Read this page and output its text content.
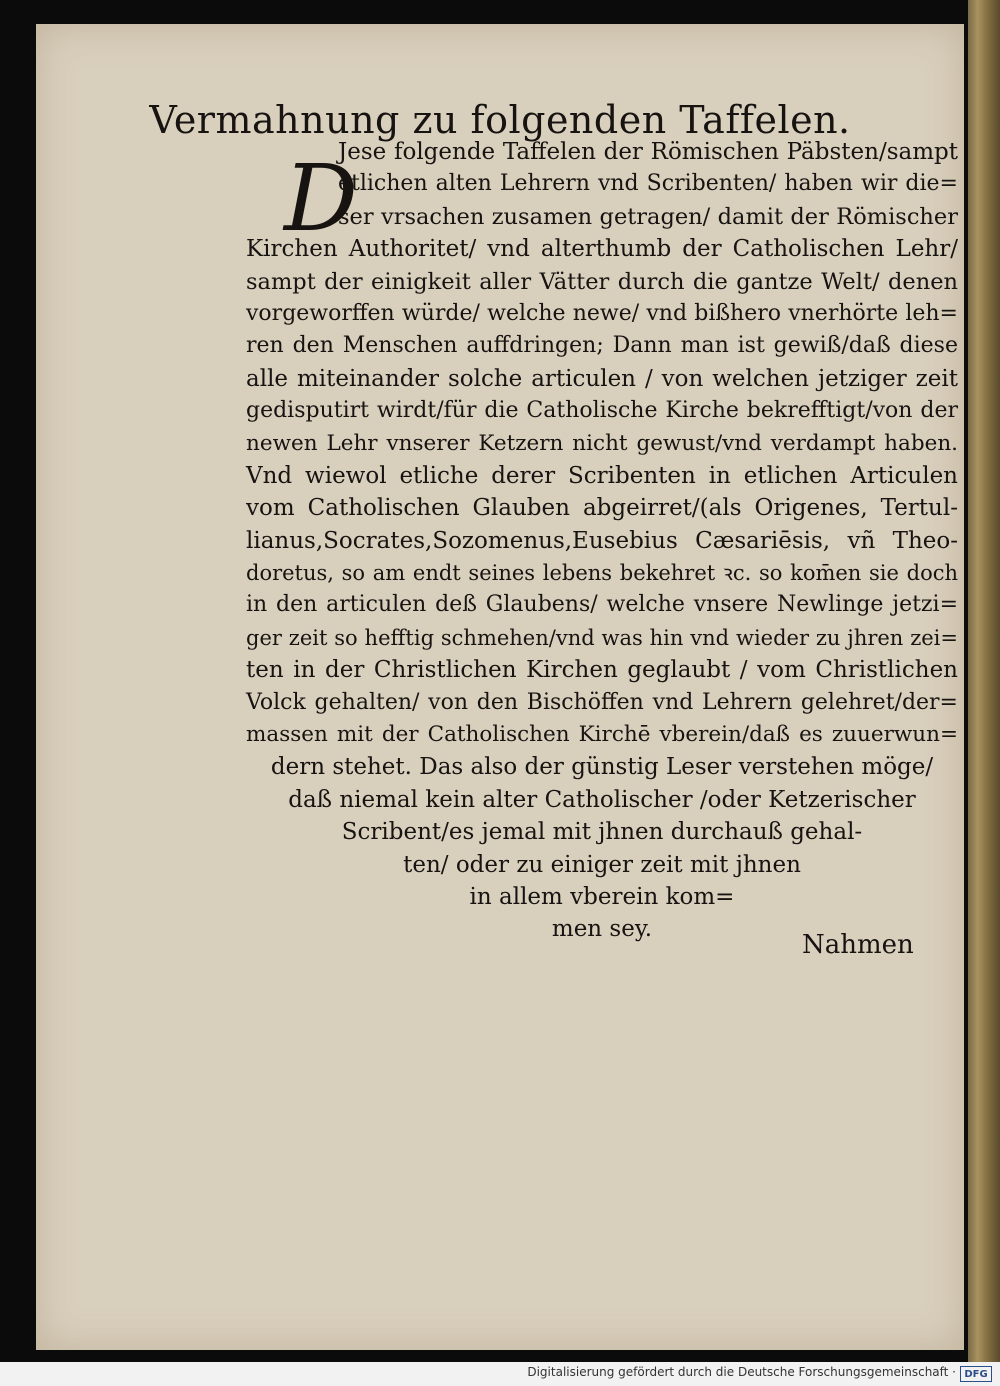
Vermahnung zu folgenden Taffelen.
D
Jese folgende Taffelen der Römischen Päbsten/sampt
etlichen alten Lehrern vnd Scribenten/ haben wir die=
ser vrsachen zusamen getragen/ damit der Römischer
Kirchen Authoritet/ vnd alterthumb der Catholischen Lehr/
sampt der einigkeit aller Vätter durch die gantze Welt/ denen
vorgeworffen würde/ welche newe/ vnd bißhero vnerhörte leh=
ren den Menschen auffdringen; Dann man ist gewiß/daß diese
alle miteinander solche articulen / von welchen jetziger zeit
gedisputirt wirdt/für die Catholische Kirche bekrefftigt/von der
newen Lehr vnserer Ketzern nicht gewust/vnd verdampt haben.
Vnd wiewol etliche derer Scribenten in etlichen Articulen
vom Catholischen Glauben abgeirret/(als Origenes, Tertul-
lianus,Socrates,Sozomenus,Eusebius Cæsariēsis, vñ Theo-
doretus, so am endt seines lebens bekehret ꝛc. so kom̄en sie doch
in den articulen deß Glaubens/ welche vnsere Newlinge jetzi=
ger zeit so hefftig schmehen/vnd was hin vnd wieder zu jhren zei=
ten in der Christlichen Kirchen geglaubt / vom Christlichen
Volck gehalten/ von den Bischöffen vnd Lehrern gelehret/der=
massen mit der Catholischen Kirchē vberein/daß es zuuerwun=
dern stehet. Das also der günstig Leser verstehen möge/
daß niemal kein alter Catholischer /oder Ketzerischer
Scribent/es jemal mit jhnen durchauß gehal-
ten/ oder zu einiger zeit mit jhnen
in allem vberein kom=
men sey.
Nahmen
Digitalisierung gefördert durch die Deutsche Forschungsgemeinschaft · DFG
